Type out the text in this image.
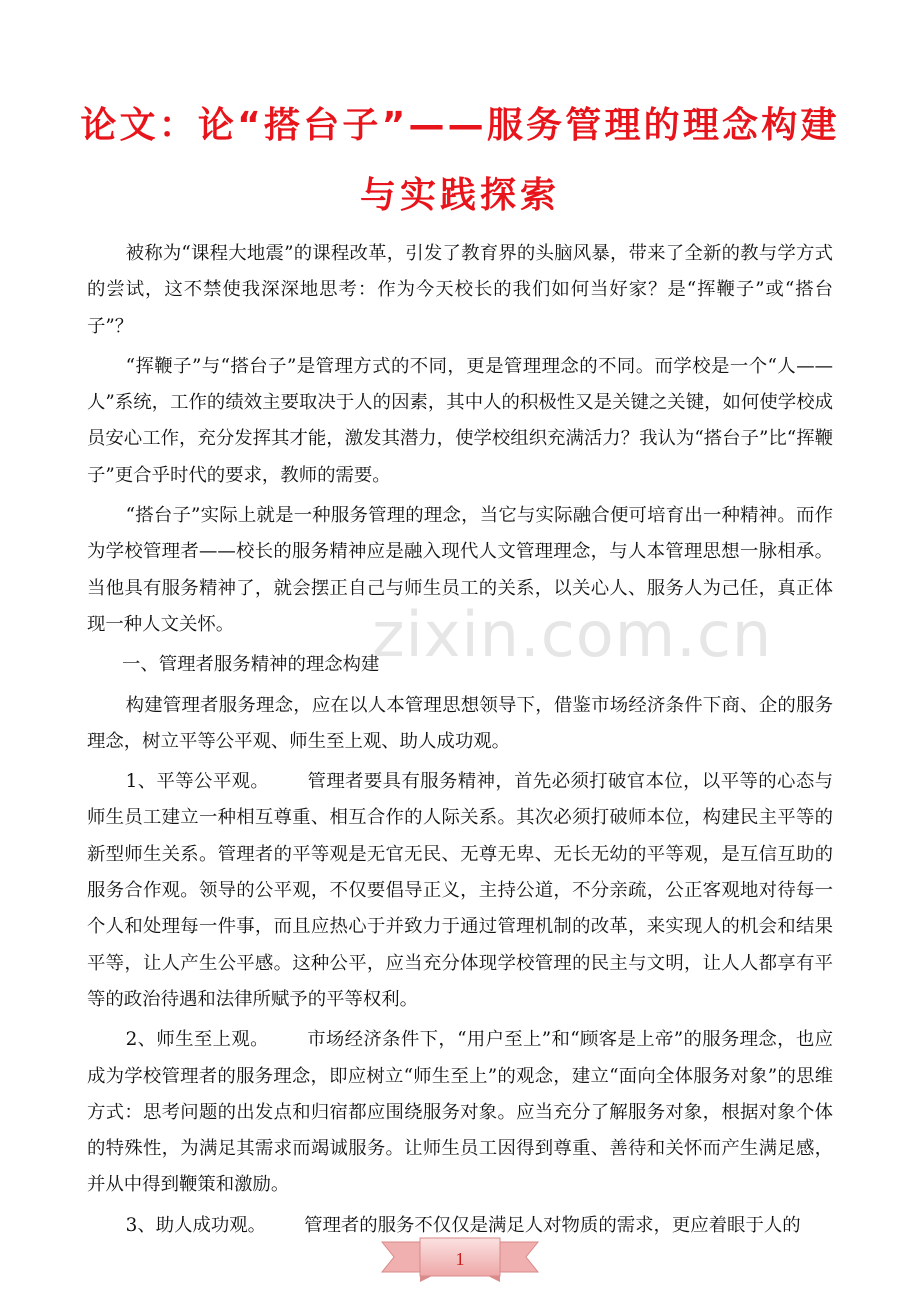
论文：论“搭台子”——服务管理的理念构建
与实践探索

被称为“课程大地震”的课程改革，引发了教育界的头脑风暴，带来了全新的教与学方式的尝试，这不禁使我深深地思考：作为今天校长的我们如何当好家？是“挥鞭子”或“搭台子”？

“挥鞭子”与“搭台子”是管理方式的不同，更是管理理念的不同。而学校是一个“人——人”系统，工作的绩效主要取决于人的因素，其中人的积极性又是关键之关键，如何使学校成员安心工作，充分发挥其才能，激发其潜力，使学校组织充满活力？我认为“搭台子”比“挥鞭子”更合乎时代的要求，教师的需要。

“搭台子”实际上就是一种服务管理的理念，当它与实际融合便可培育出一种精神。而作为学校管理者——校长的服务精神应是融入现代人文管理理念，与人本管理思想一脉相承。当他具有服务精神了，就会摆正自己与师生员工的关系，以关心人、服务人为己任，真正体现一种人文关怀。

一、管理者服务精神的理念构建

构建管理者服务理念，应在以人本管理思想领导下，借鉴市场经济条件下商、企的服务理念，树立平等公平观、师生至上观、助人成功观。

1、平等公平观。 管理者要具有服务精神，首先必须打破官本位，以平等的心态与师生员工建立一种相互尊重、相互合作的人际关系。其次必须打破师本位，构建民主平等的新型师生关系。管理者的平等观是无官无民、无尊无卑、无长无幼的平等观，是互信互助的服务合作观。领导的公平观，不仅要倡导正义，主持公道，不分亲疏，公正客观地对待每一个人和处理每一件事，而且应热心于并致力于通过管理机制的改革，来实现人的机会和结果平等，让人产生公平感。这种公平，应当充分体现学校管理的民主与文明，让人人都享有平等的政治待遇和法律所赋予的平等权利。

2、师生至上观。 市场经济条件下，“用户至上”和“顾客是上帝”的服务理念，也应成为学校管理者的服务理念，即应树立“师生至上”的观念，建立“面向全体服务对象”的思维方式：思考问题的出发点和归宿都应围绕服务对象。应当充分了解服务对象，根据对象个体的特殊性，为满足其需求而竭诚服务。让师生员工因得到尊重、善待和关怀而产生满足感，并从中得到鞭策和激励。

3、助人成功观。 管理者的服务不仅仅是满足人对物质的需求，更应着眼于人的

zixin.com.cn
1
